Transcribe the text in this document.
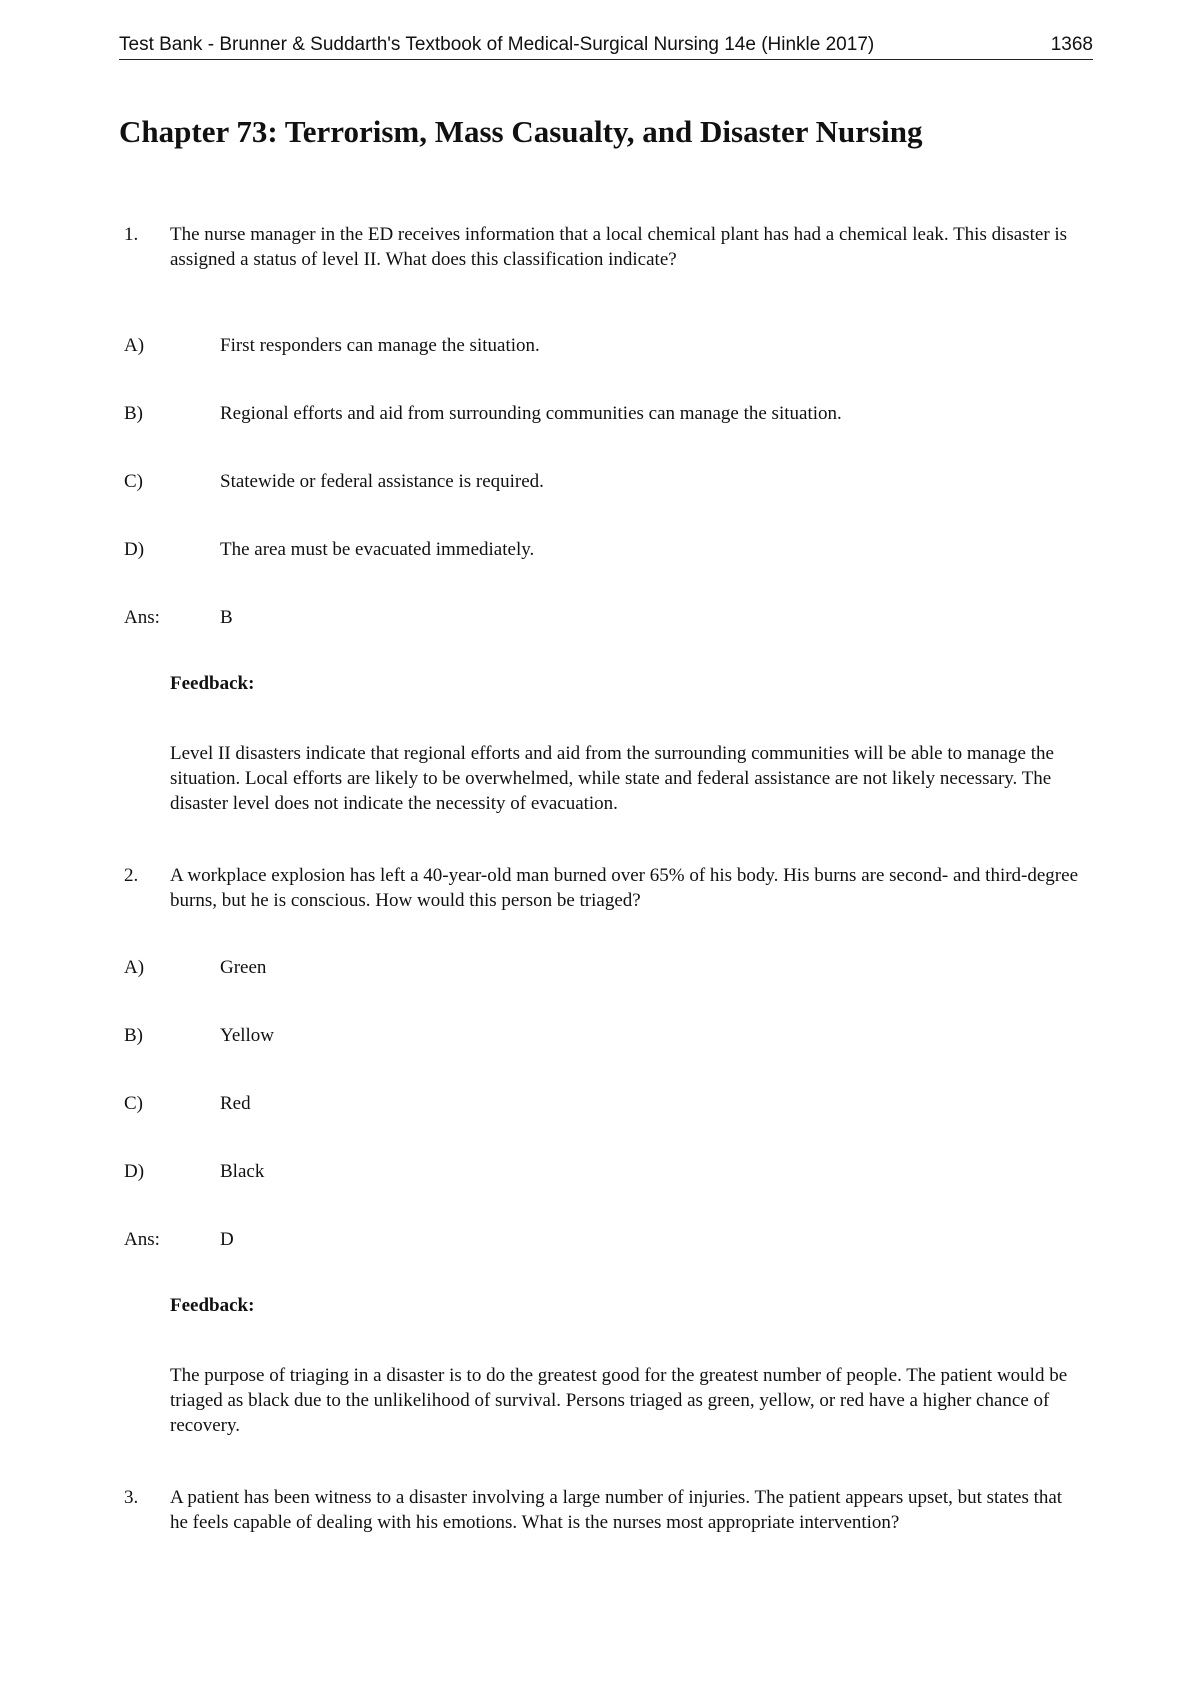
Test Bank - Brunner & Suddarth's Textbook of Medical-Surgical Nursing 14e (Hinkle 2017)	1368
Chapter 73: Terrorism, Mass Casualty, and Disaster Nursing
1.	The nurse manager in the ED receives information that a local chemical plant has had a chemical leak. This disaster is assigned a status of level II. What does this classification indicate?
A)	First responders can manage the situation.
B)	Regional efforts and aid from surrounding communities can manage the situation.
C)	Statewide or federal assistance is required.
D)	The area must be evacuated immediately.
Ans:	B
Feedback:
Level II disasters indicate that regional efforts and aid from the surrounding communities will be able to manage the situation. Local efforts are likely to be overwhelmed, while state and federal assistance are not likely necessary. The disaster level does not indicate the necessity of evacuation.
2.	A workplace explosion has left a 40-year-old man burned over 65% of his body. His burns are second- and third-degree burns, but he is conscious. How would this person be triaged?
A)	Green
B)	Yellow
C)	Red
D)	Black
Ans:	D
Feedback:
The purpose of triaging in a disaster is to do the greatest good for the greatest number of people. The patient would be triaged as black due to the unlikelihood of survival. Persons triaged as green, yellow, or red have a higher chance of recovery.
3.	A patient has been witness to a disaster involving a large number of injuries. The patient appears upset, but states that he feels capable of dealing with his emotions. What is the nurses most appropriate intervention?
